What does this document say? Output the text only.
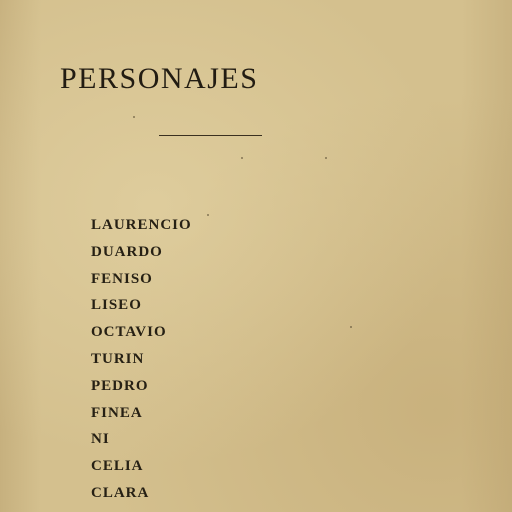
PERSONAJES
LAURENCIO
DUARDO
FENISO
LISEO
OCTAVIO
TURIN
PEDRO
FINEA
NI
CELIA
CLARA
